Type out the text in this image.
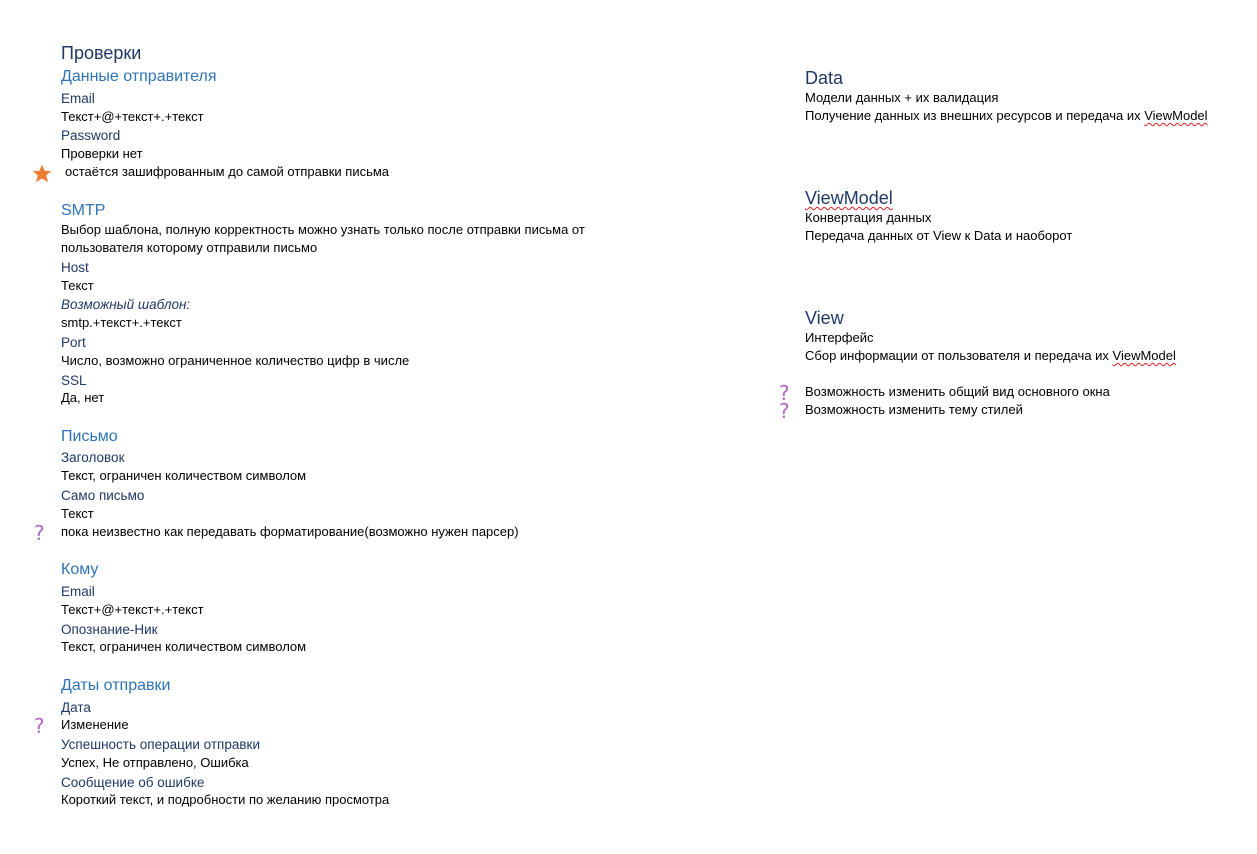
Проверки
Данные отправителя
Email
Текст+@+текст+.+текст
Password
Проверки нет
остаётся зашифрованным до самой отправки письма
SMTP
Выбор шаблона, полную корректность можно узнать только после отправки письма от пользователя которому отправили письмо
Host
Текст
Возможный шаблон:
smtp.+текст+.+текст
Port
Число, возможно ограниченное количество цифр в числе
SSL
Да, нет
Письмо
Заголовок
Текст, ограничен количеством символом
Само письмо
Текст
пока неизвестно как передавать форматирование(возможно нужен парсер)
Кому
Email
Текст+@+текст+.+текст
Опознание-Ник
Текст, ограничен количеством символом
Даты отправки
Дата
Изменение
Успешность операции отправки
Успех, Не отправлено, Ошибка
Сообщение об ошибке
Короткий текст, и подробности по желанию просмотра
?
?
Data
Модели данных + их валидация
Получение данных из внешних ресурсов и передача их ViewModel
ViewModel
Конвертация данных
Передача данных от View к Data и наоборот
View
Интерфейс
Сбор информации от пользователя и передача их ViewModel
Возможность изменить общий вид основного окна
Возможность изменить тему стилей
?
?
